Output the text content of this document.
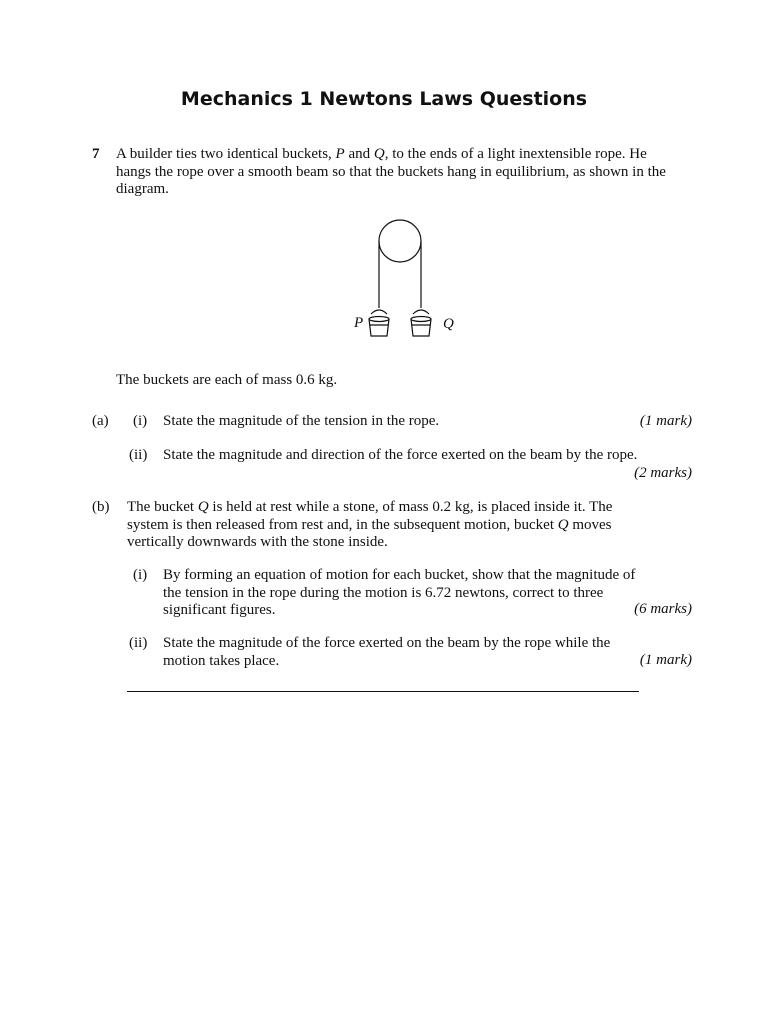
Mechanics 1 Newtons Laws Questions
7 A builder ties two identical buckets, P and Q, to the ends of a light inextensible rope. He
hangs the rope over a smooth beam so that the buckets hang in equilibrium, as shown in the
diagram.
P	Q
The buckets are each of mass 0.6 kg.
(a) (i) State the magnitude of the tension in the rope.	(1 mark)
(ii) State the magnitude and direction of the force exerted on the beam by the rope.
(2 marks)
(b) The bucket Q is held at rest while a stone, of mass 0.2 kg, is placed inside it. The
system is then released from rest and, in the subsequent motion, bucket Q moves
vertically downwards with the stone inside.
(i) By forming an equation of motion for each bucket, show that the magnitude of
the tension in the rope during the motion is 6.72 newtons, correct to three
significant figures.	(6 marks)
(ii) State the magnitude of the force exerted on the beam by the rope while the
motion takes place.	(1 mark)
